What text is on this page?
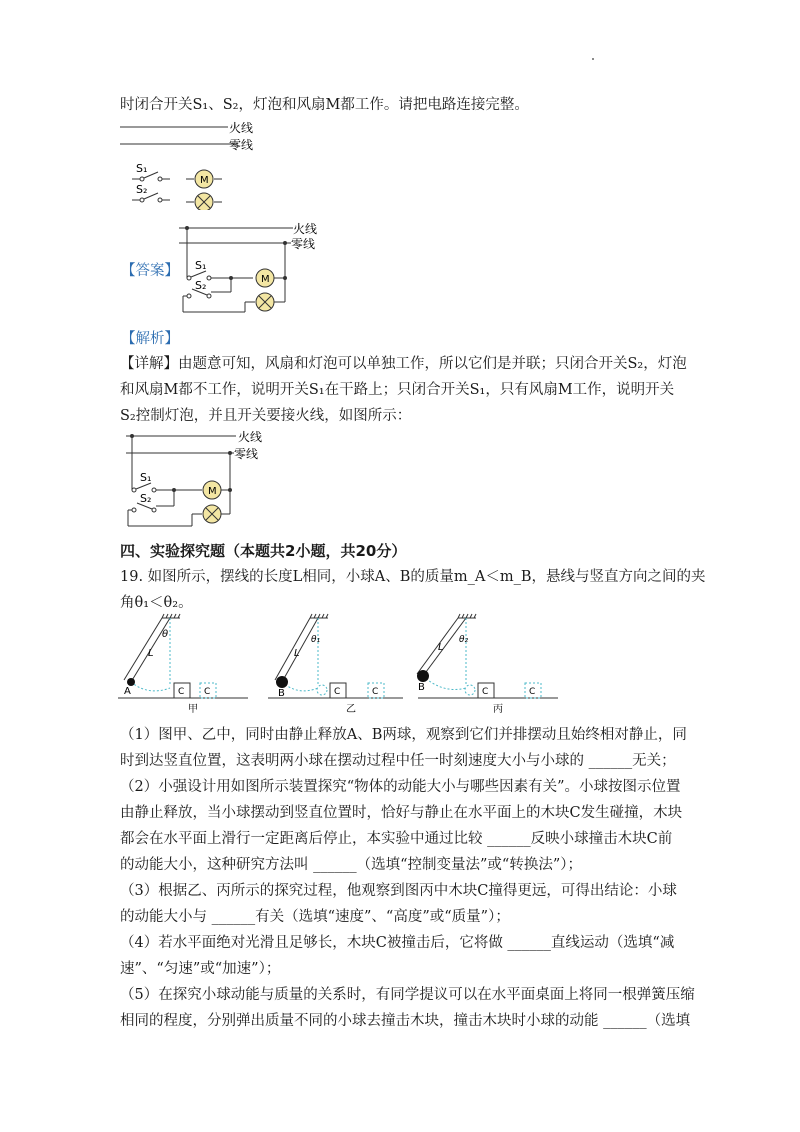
时闭合开关S₁、S₂，灯泡和风扇M都工作。请把电路连接完整。
火线
零线
S₁
S₂
M
【答案】
火线
零线
S₁
S₂	M
【解析】
【详解】由题意可知，风扇和灯泡可以单独工作，所以它们是并联；只闭合开关S₂，灯泡
和风扇M都不工作，说明开关S₁在干路上；只闭合开关S₁，只有风扇M工作，说明开关
S₂控制灯泡，并且开关要接火线，如图所示：
火线
零线
S₁
S₂
M
四、实验探究题（本题共2小题，共20分）
19. 如图所示，摆线的长度L相同，小球A、B的质量m_A＜m_B，悬线与竖直方向之间的夹
角θ₁＜θ₂。
A
L
θ
C C
甲
B
L
θ₁
C	C
乙
B
L
θ₂
C	C
丙
（1）图甲、乙中，同时由静止释放A、B两球，观察到它们并排摆动且始终相对静止，同
时到达竖直位置，这表明两小球在摆动过程中任一时刻速度大小与小球的 ______无关；
（2）小强设计用如图所示装置探究“物体的动能大小与哪些因素有关”。小球按图示位置
由静止释放，当小球摆动到竖直位置时，恰好与静止在水平面上的木块C发生碰撞，木块
都会在水平面上滑行一定距离后停止，本实验中通过比较 ______反映小球撞击木块C前
的动能大小，这种研究方法叫 ______（选填“控制变量法”或“转换法”）；
（3）根据乙、丙所示的探究过程，他观察到图丙中木块C撞得更远，可得出结论：小球
的动能大小与 ______有关（选填“速度”、“高度”或“质量”）；
（4）若水平面绝对光滑且足够长，木块C被撞击后，它将做 ______直线运动（选填“减
速”、“匀速”或“加速”）；
（5）在探究小球动能与质量的关系时，有同学提议可以在水平面桌面上将同一根弹簧压缩
相同的程度，分别弹出质量不同的小球去撞击木块，撞击木块时小球的动能 ______（选填
